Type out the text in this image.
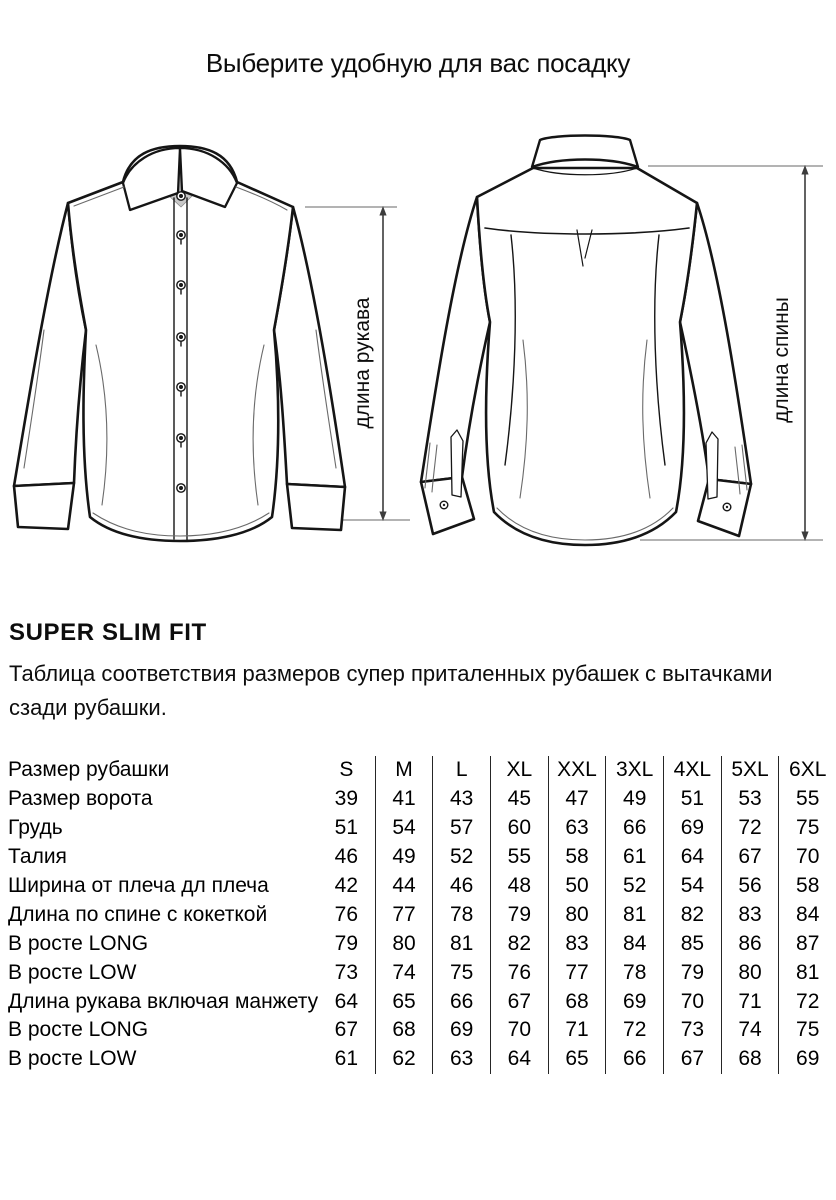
Выберите удобную для вас посадку
длина рукава	длина спины
SUPER SLIM FIT
Таблица соответствия размеров супер приталенных рубашек с вытачками
сзади рубашки.
Размер рубашки	S	M	L	XL	XXL 3XL 4XL 5XL 6XL
Размер ворота	39	41	43	45	47	49	51	53	55
Грудь	51	54	57	60	63	66	69	72	75
Талия	46	49	52	55	58	61	64	67	70
Ширина от плеча дл плеча	42	44	46	48	50	52	54	56	58
Длина по спине с кокеткой	76	77	78	79	80	81	82	83	84
В росте LONG	79	80	81	82	83	84	85	86	87
В росте LOW	73	74	75	76	77	78	79	80	81
Длина рукава включая манжету 64	65	66	67	68	69	70	71	72
В росте LONG	67	68	69	70	71	72	73	74	75
В росте LOW	61	62	63	64	65	66	67	68	69
